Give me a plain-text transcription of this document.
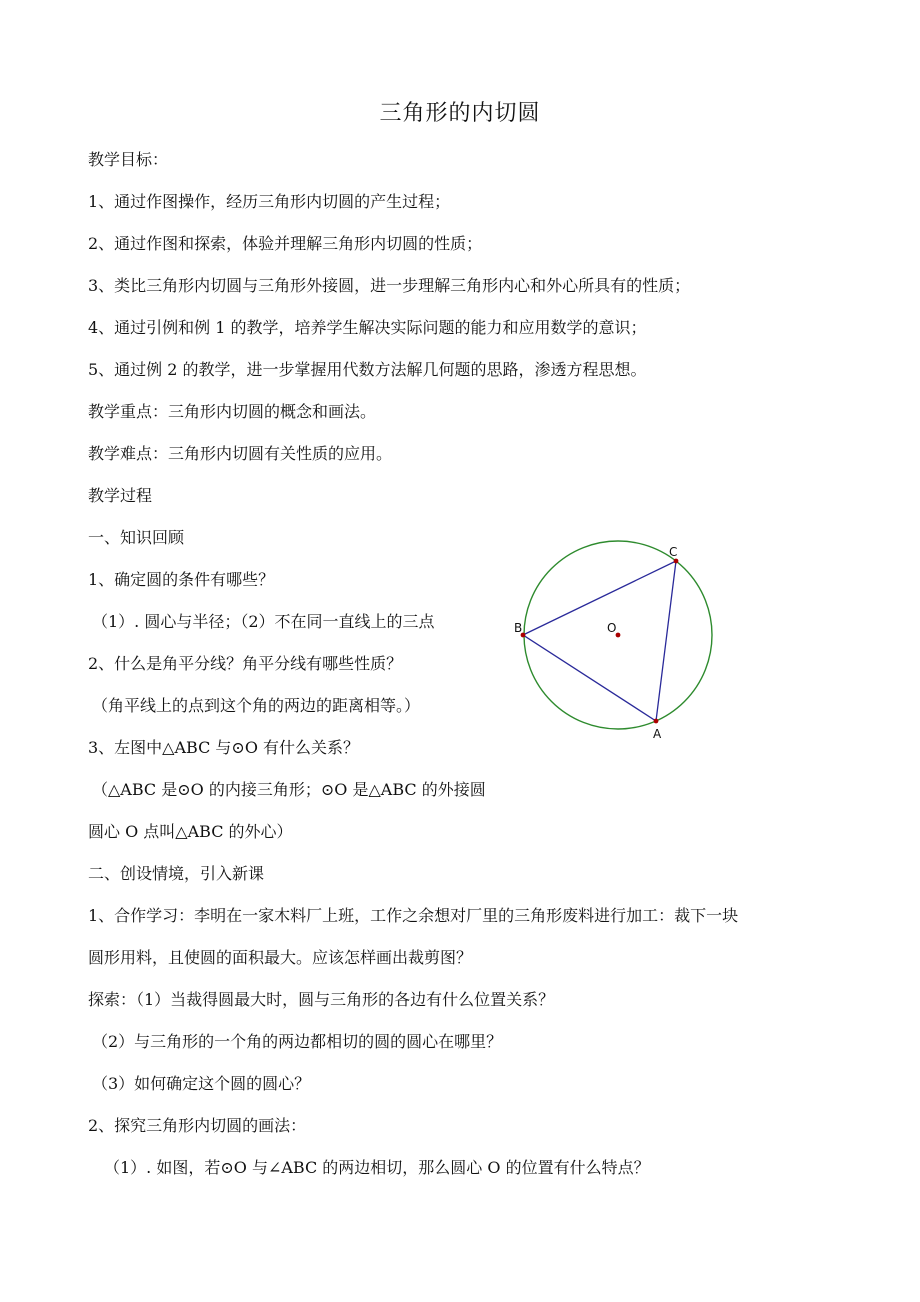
三角形的内切圆
教学目标：
1、通过作图操作，经历三角形内切圆的产生过程；
2、通过作图和探索，体验并理解三角形内切圆的性质；
3、类比三角形内切圆与三角形外接圆，进一步理解三角形内心和外心所具有的性质；
4、通过引例和例 1 的教学，培养学生解决实际问题的能力和应用数学的意识；
5、通过例 2 的教学，进一步掌握用代数方法解几何题的思路，渗透方程思想。
教学重点：三角形内切圆的概念和画法。
教学难点：三角形内切圆有关性质的应用。
教学过程
一、知识回顾
1、确定圆的条件有哪些？
（1）. 圆心与半径；（2）不在同一直线上的三点
2、什么是角平分线？角平分线有哪些性质？
（角平线上的点到这个角的两边的距离相等。）
3、左图中△ABC 与⊙O 有什么关系？
（△ABC 是⊙O 的内接三角形；⊙O 是△ABC 的外接圆
圆心 O 点叫△ABC 的外心）
二、创设情境，引入新课
1、合作学习：李明在一家木料厂上班，工作之余想对厂里的三角形废料进行加工：裁下一块
圆形用料，且使圆的面积最大。应该怎样画出裁剪图？
探索：（1）当裁得圆最大时，圆与三角形的各边有什么位置关系？
（2）与三角形的一个角的两边都相切的圆的圆心在哪里？
（3）如何确定这个圆的圆心？
2、探究三角形内切圆的画法：
（1）. 如图，若⊙O 与∠ABC 的两边相切，那么圆心 O 的位置有什么特点？
B
C
A
O
